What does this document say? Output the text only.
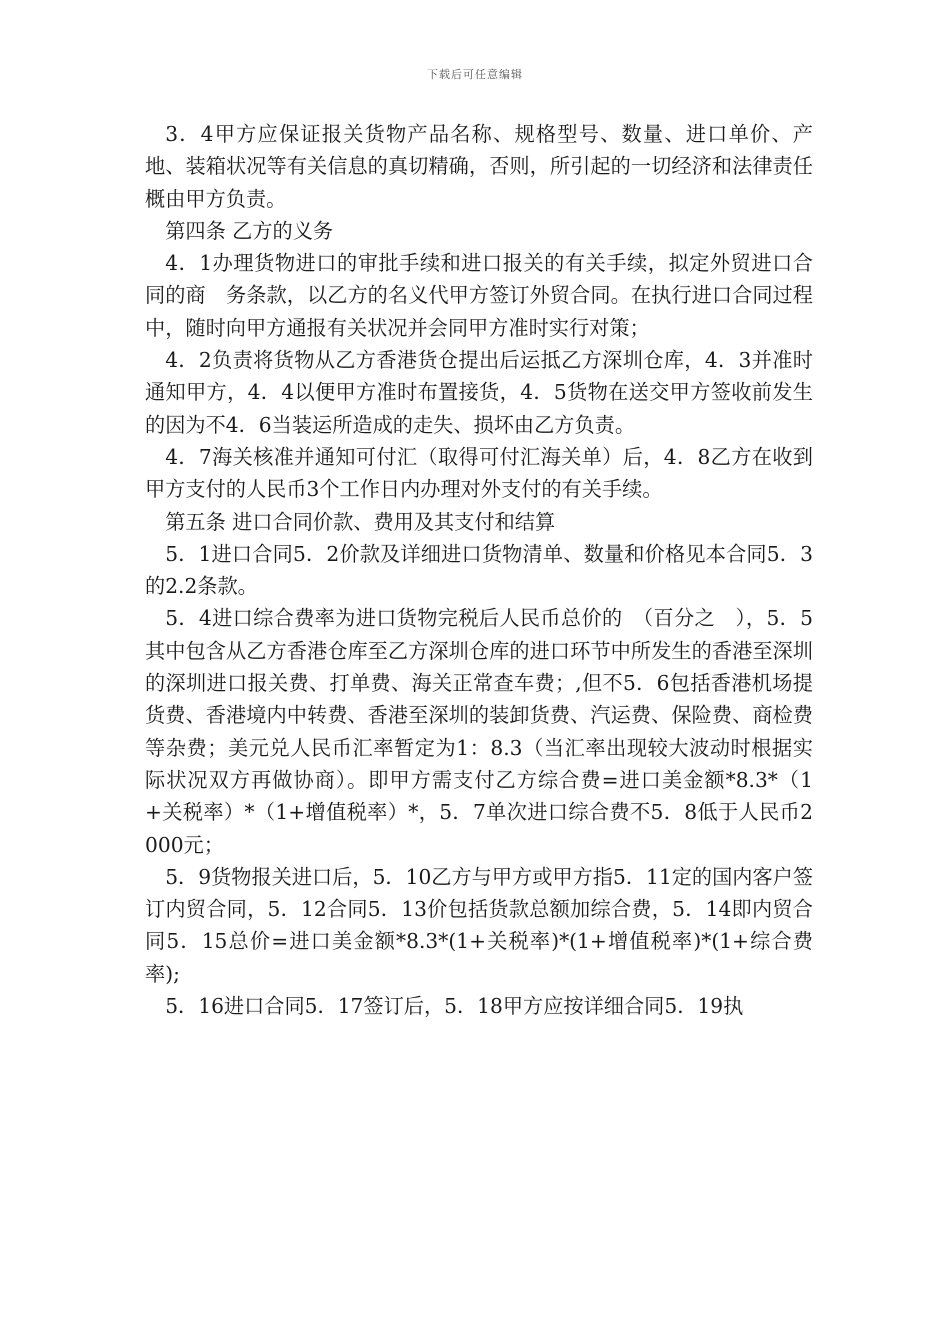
下载后可任意编辑

3．4甲方应保证报关货物产品名称、规格型号、数量、进口单价、产地、装箱状况等有关信息的真切精确，否则，所引起的一切经济和法律责任概由甲方负责。

第四条 乙方的义务

4．1办理货物进口的审批手续和进口报关的有关手续，拟定外贸进口合同的商　务条款，以乙方的名义代甲方签订外贸合同。在执行进口合同过程中，随时向甲方通报有关状况并会同甲方准时实行对策；

4．2负责将货物从乙方香港货仓提出后运抵乙方深圳仓库，4．3并准时通知甲方，4．4以便甲方准时布置接货，4．5货物在送交甲方签收前发生的因为不4．6当装运所造成的走失、损坏由乙方负责。

4．7海关核准并通知可付汇（取得可付汇海关单）后，4．8乙方在收到甲方支付的人民币3个工作日内办理对外支付的有关手续。

第五条 进口合同价款、费用及其支付和结算

5．1进口合同5．2价款及详细进口货物清单、数量和价格见本合同5．3的2.2条款。

5．4进口综合费率为进口货物完税后人民币总价的　（百分之　），5．5其中包含从乙方香港仓库至乙方深圳仓库的进口环节中所发生的香港至深圳的深圳进口报关费、打单费、海关正常查车费；,但不5．6包括香港机场提货费、香港境内中转费、香港至深圳的装卸货费、汽运费、保险费、商检费等杂费；美元兑人民币汇率暂定为1：8.3（当汇率出现较大波动时根据实际状况双方再做协商）。即甲方需支付乙方综合费=进口美金额*8.3*（1+关税率）*（1+增值税率）*，5．7单次进口综合费不5．8低于人民币2000元；

5．9货物报关进口后，5．10乙方与甲方或甲方指5．11定的国内客户签订内贸合同，5．12合同5．13价包括货款总额加综合费，5．14即内贸合同5．15总价=进口美金额*8.3*(1+关税率)*(1+增值税率)*(1+综合费率);

5．16进口合同5．17签订后，5．18甲方应按详细合同5．19执
